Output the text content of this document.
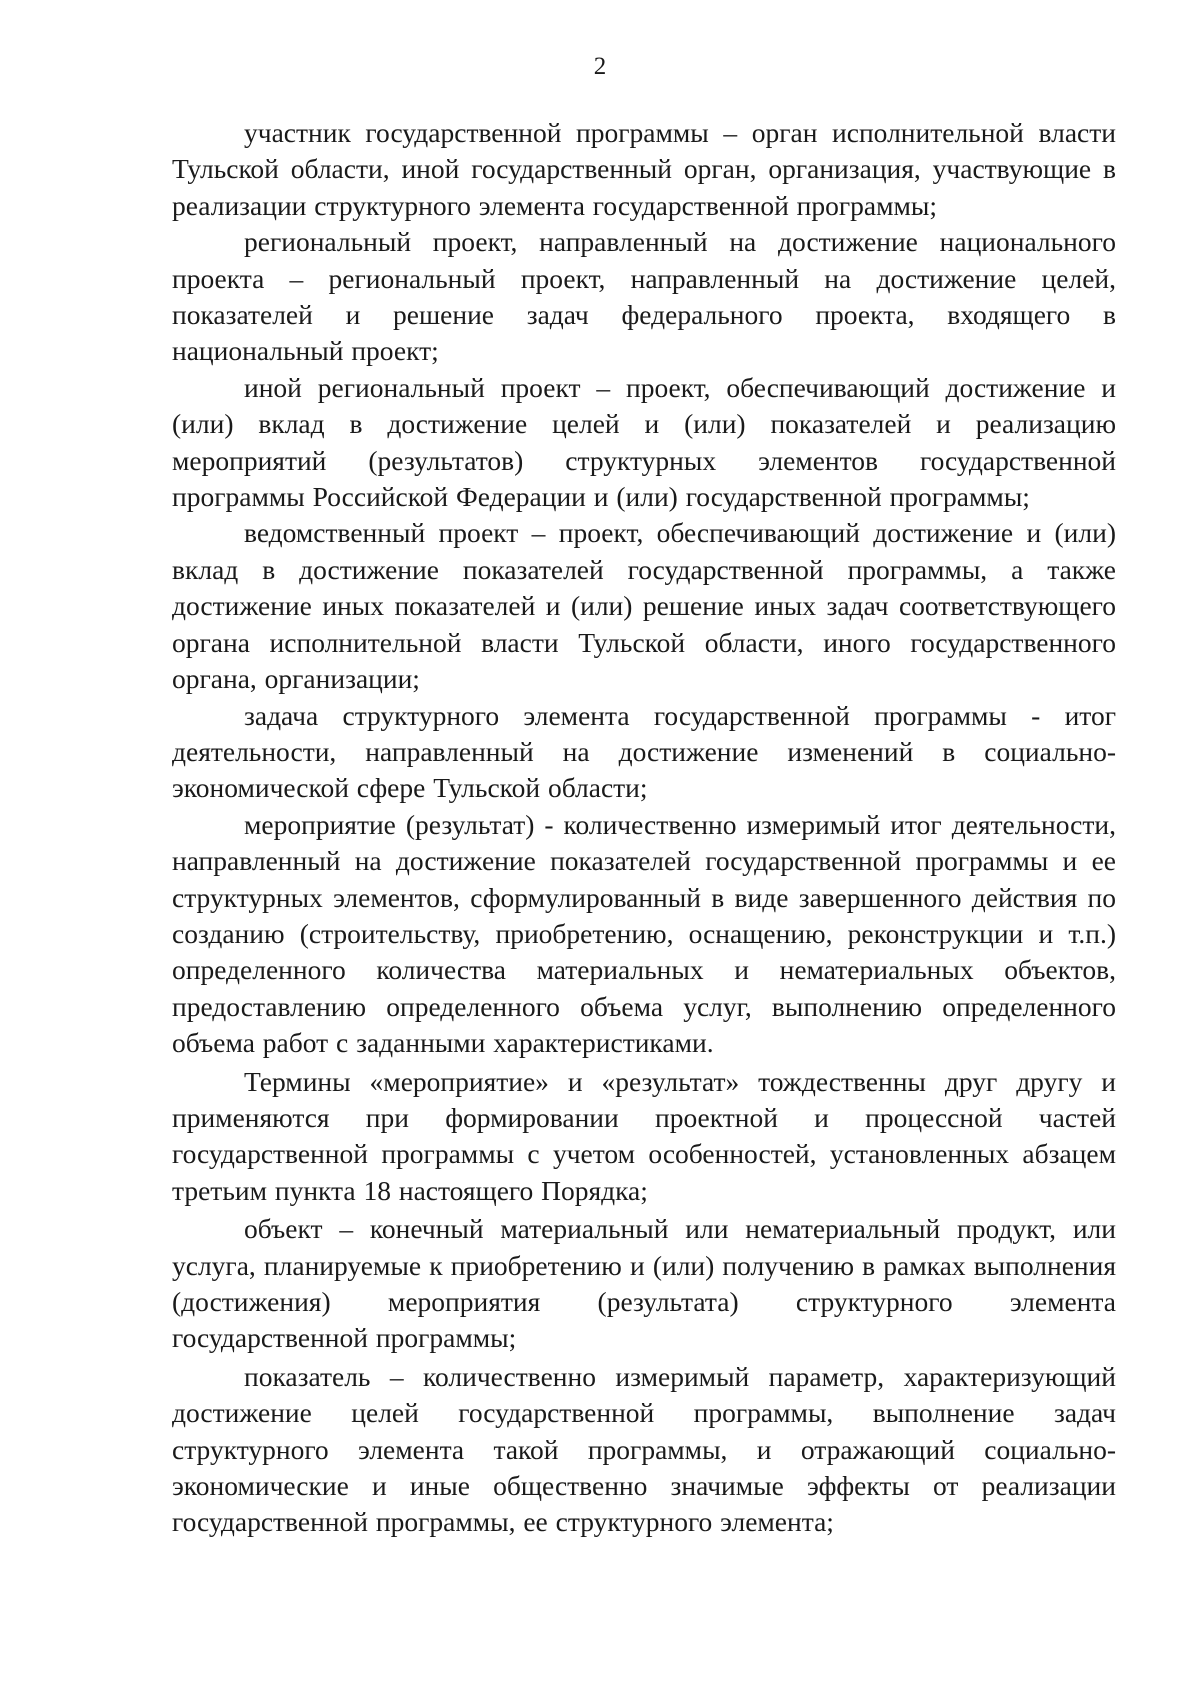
2

участник государственной программы – орган исполнительной власти Тульской области, иной государственный орган, организация, участвующие в реализации структурного элемента государственной программы;

региональный проект, направленный на достижение национального проекта – региональный проект, направленный на достижение целей, показателей и решение задач федерального проекта, входящего в национальный проект;

иной региональный проект – проект, обеспечивающий достижение и (или) вклад в достижение целей и (или) показателей и реализацию мероприятий (результатов) структурных элементов государственной программы Российской Федерации и (или) государственной программы;

ведомственный проект – проект, обеспечивающий достижение и (или) вклад в достижение показателей государственной программы, а также достижение иных показателей и (или) решение иных задач соответствующего органа исполнительной власти Тульской области, иного государственного органа, организации;

задача структурного элемента государственной программы - итог деятельности, направленный на достижение изменений в социально-экономической сфере Тульской области;

мероприятие (результат) - количественно измеримый итог деятельности, направленный на достижение показателей государственной программы и ее структурных элементов, сформулированный в виде завершенного действия по созданию (строительству, приобретению, оснащению, реконструкции и т.п.) определенного количества материальных и нематериальных объектов, предоставлению определенного объема услуг, выполнению определенного объема работ с заданными характеристиками.

Термины «мероприятие» и «результат» тождественны друг другу и применяются при формировании проектной и процессной частей государственной программы с учетом особенностей, установленных абзацем третьим пункта 18 настоящего Порядка;

объект – конечный материальный или нематериальный продукт, или услуга, планируемые к приобретению и (или) получению в рамках выполнения (достижения) мероприятия (результата) структурного элемента государственной программы;

показатель – количественно измеримый параметр, характеризующий достижение целей государственной программы, выполнение задач структурного элемента такой программы, и отражающий социально-экономические и иные общественно значимые эффекты от реализации государственной программы, ее структурного элемента;
